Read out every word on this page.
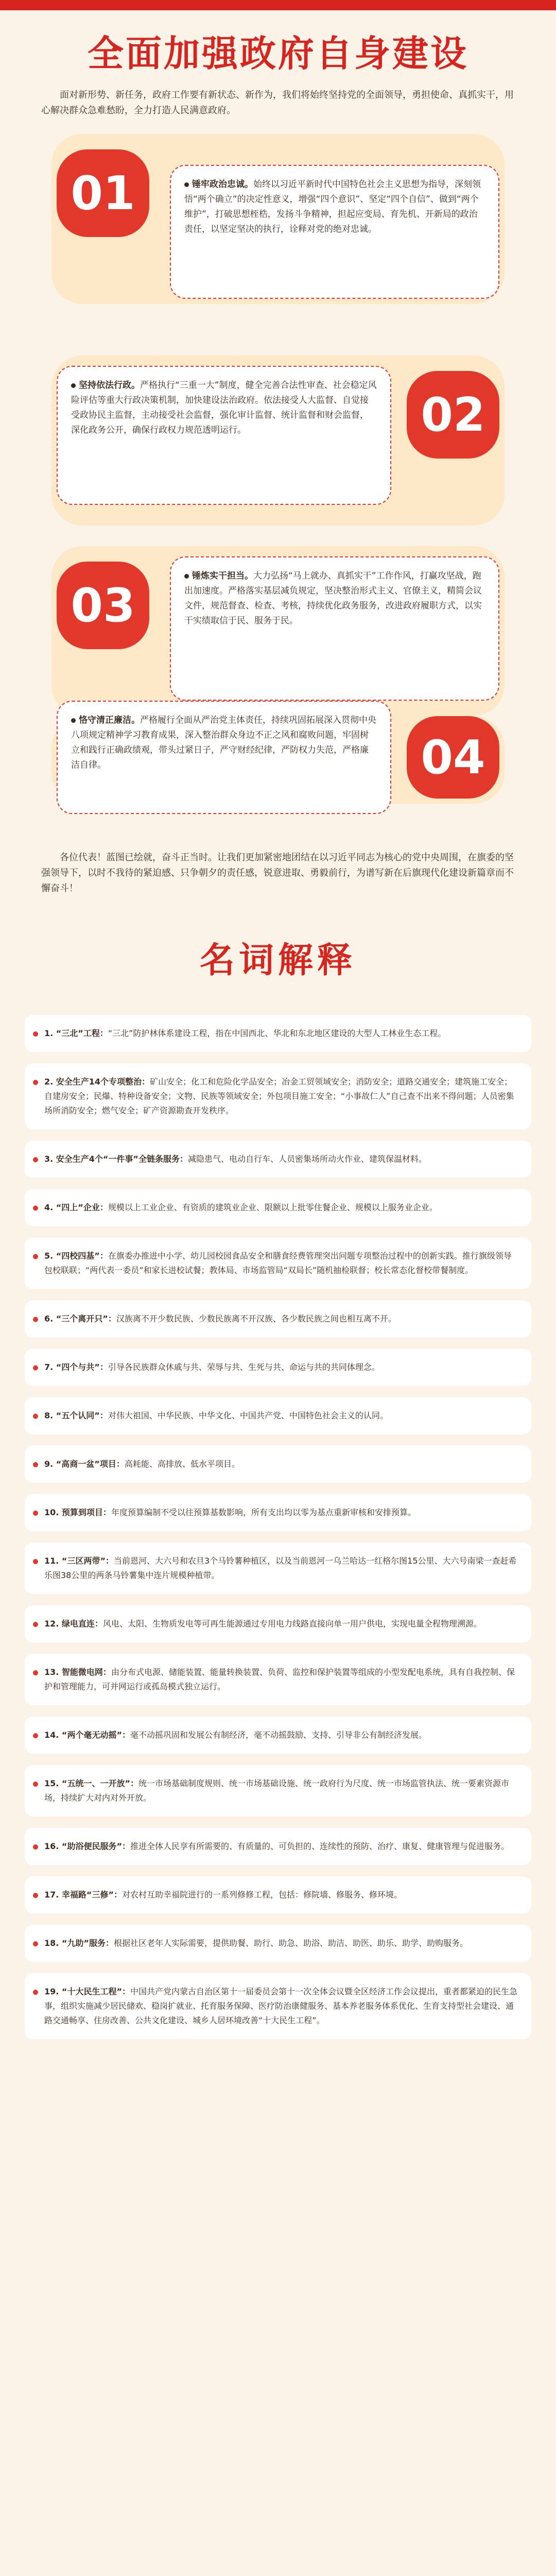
全面加强政府自身建设

面对新形势、新任务，政府工作要有新状态、新作为，我们将始终坚持党的全面领导，勇担使命、真抓实干，用心解决群众急难愁盼，全力打造人民满意政府。

01	锤牢政治忠诚。始终以习近平新时代中国特色社会主义思想为指导，深刻领悟“两个确立”的决定性意义，增强“四个意识”、坚定“四个自信”、做到“两个维护”，打破思想桎梏，发扬斗争精神，担起应变局、育先机、开新局的政治责任，以坚定坚决的执行，诠释对党的绝对忠诚。
02
坚持依法行政。严格执行“三重一大”制度，健全完善合法性审查、社会稳定风险评估等重大行政决策机制，加快建设法治政府。依法接受人大监督、自觉接受政协民主监督，主动接受社会监督，强化审计监督、统计监督和财会监督，深化政务公开，确保行政权力规范透明运行。
03
锤炼实干担当。大力弘扬“马上就办、真抓实干”工作作风，打赢攻坚战，跑出加速度。严格落实基层减负规定，坚决整治形式主义、官僚主义，精简会议文件，规范督查、检查、考核，持续优化政务服务，改进政府履职方式，以实干实绩取信于民、服务于民。
04
恪守清正廉洁。严格履行全面从严治党主体责任，持续巩固拓展深入贯彻中央八项规定精神学习教育成果，深入整治群众身边不正之风和腐败问题，牢固树立和践行正确政绩观，带头过紧日子，严守财经纪律，严防权力失范，严格廉洁自律。

各位代表！蓝图已绘就，奋斗正当时。让我们更加紧密地团结在以习近平同志为核心的党中央周围，在旗委的坚强领导下，以时不我待的紧迫感、只争朝夕的责任感，锐意进取、勇毅前行，为谱写新在后旗现代化建设新篇章而不懈奋斗！

名词解释
1. “三北”工程：“三北”防护林体系建设工程，指在中国西北、华北和东北地区建设的大型人工林业生态工程。
2. 安全生产14个专项整治：矿山安全；化工和危险化学品安全；冶金工贸领域安全；消防安全；道路交通安全；建筑施工安全；自建房安全；民爆、特种设备安全；文物、民族等领域安全；外包项目施工安全；“小事故仁人”自己查不出来不得问题；人员密集场所消防安全；燃气安全；矿产资源勘查开发秩序。
3. 安全生产4个“一件事”全链条服务：减隐患气、电动自行车、人员密集场所动火作业、建筑保温材料。
4. “四上”企业：规模以上工业企业、有资质的建筑业企业、限额以上批零住餐企业、规模以上服务业企业。
5. “四校四基”：在旗委办推进中小学、幼儿园校园食品安全和膳食经费管理突出问题专项整治过程中的创新实践。推行旗级领导包校联联；“两代表一委员”和家长进校试餐；教体局、市场监管局“双局长”随机抽检联督；校长常态化督校带餐制度。
6. “三个离开只”：汉族离不开少数民族、少数民族离不开汉族、各少数民族之间也相互离不开。
7. “四个与共”：引导各民族群众休戚与共、荣辱与共、生死与共、命运与共的共同体理念。
8. “五个认同”：对伟大祖国、中华民族、中华文化、中国共产党、中国特色社会主义的认同。
9. “高商一盆”项目：高耗能、高排放、低水平项目。
10. 预算到项目：年度预算编制不受以往预算基数影响，所有支出均以零为基点重新审核和安排预算。
11. “三区两带”：当前恩河、大六号和农旦3个马铃薯种植区，以及当前恩河一乌兰哈达一红格尔图15公里、大六号南梁一查赶希乐图38公里的两条马铃薯集中连片规模种植带。
12. 绿电直连：风电、太阳、生物质发电等可再生能源通过专用电力线路直接向单一用户供电，实现电量全程物理溯源。
13. 智能微电网：由分布式电源、储能装置、能量转换装置、负荷、监控和保护装置等组成的小型发配电系统，具有自我控制、保护和管理能力，可并网运行或孤岛模式独立运行。
14. “两个毫无动摇”：毫不动摇巩固和发展公有制经济，毫不动摇鼓励、支持、引导非公有制经济发展。
15. “五统一、一开放”：统一市场基础制度规则、统一市场基础设施、统一政府行为尺度、统一市场监管执法、统一要素资源市场，持续扩大对内对外开放。
16. “助浴便民服务”：推进全体人民享有所需要的、有质量的、可负担的、连续性的预防、治疗、康复、健康管理与促进服务。
17. 幸福路“三修”：对农村互助幸福院进行的一系列修修工程，包括：修院墙、修服务、修环境。
18. “九助”服务：根据社区老年人实际需要，提供助餐、助行、助急、助浴、助洁、助医、助乐、助学、助购服务。
19. “十大民生工程”：中国共产党内蒙古自治区第十一届委员会第十一次全体会议暨全区经济工作会议提出，重者都紧迫的民生急事，组织实施减少居民储欢、稳岗扩就业、托育服务保障、医疗防治康健服务、基本养老服务体系优化、生育支持型社会建设、通路交通畅享、住房改善、公共文化建设、城乡人居环境改善“十大民生工程”。
